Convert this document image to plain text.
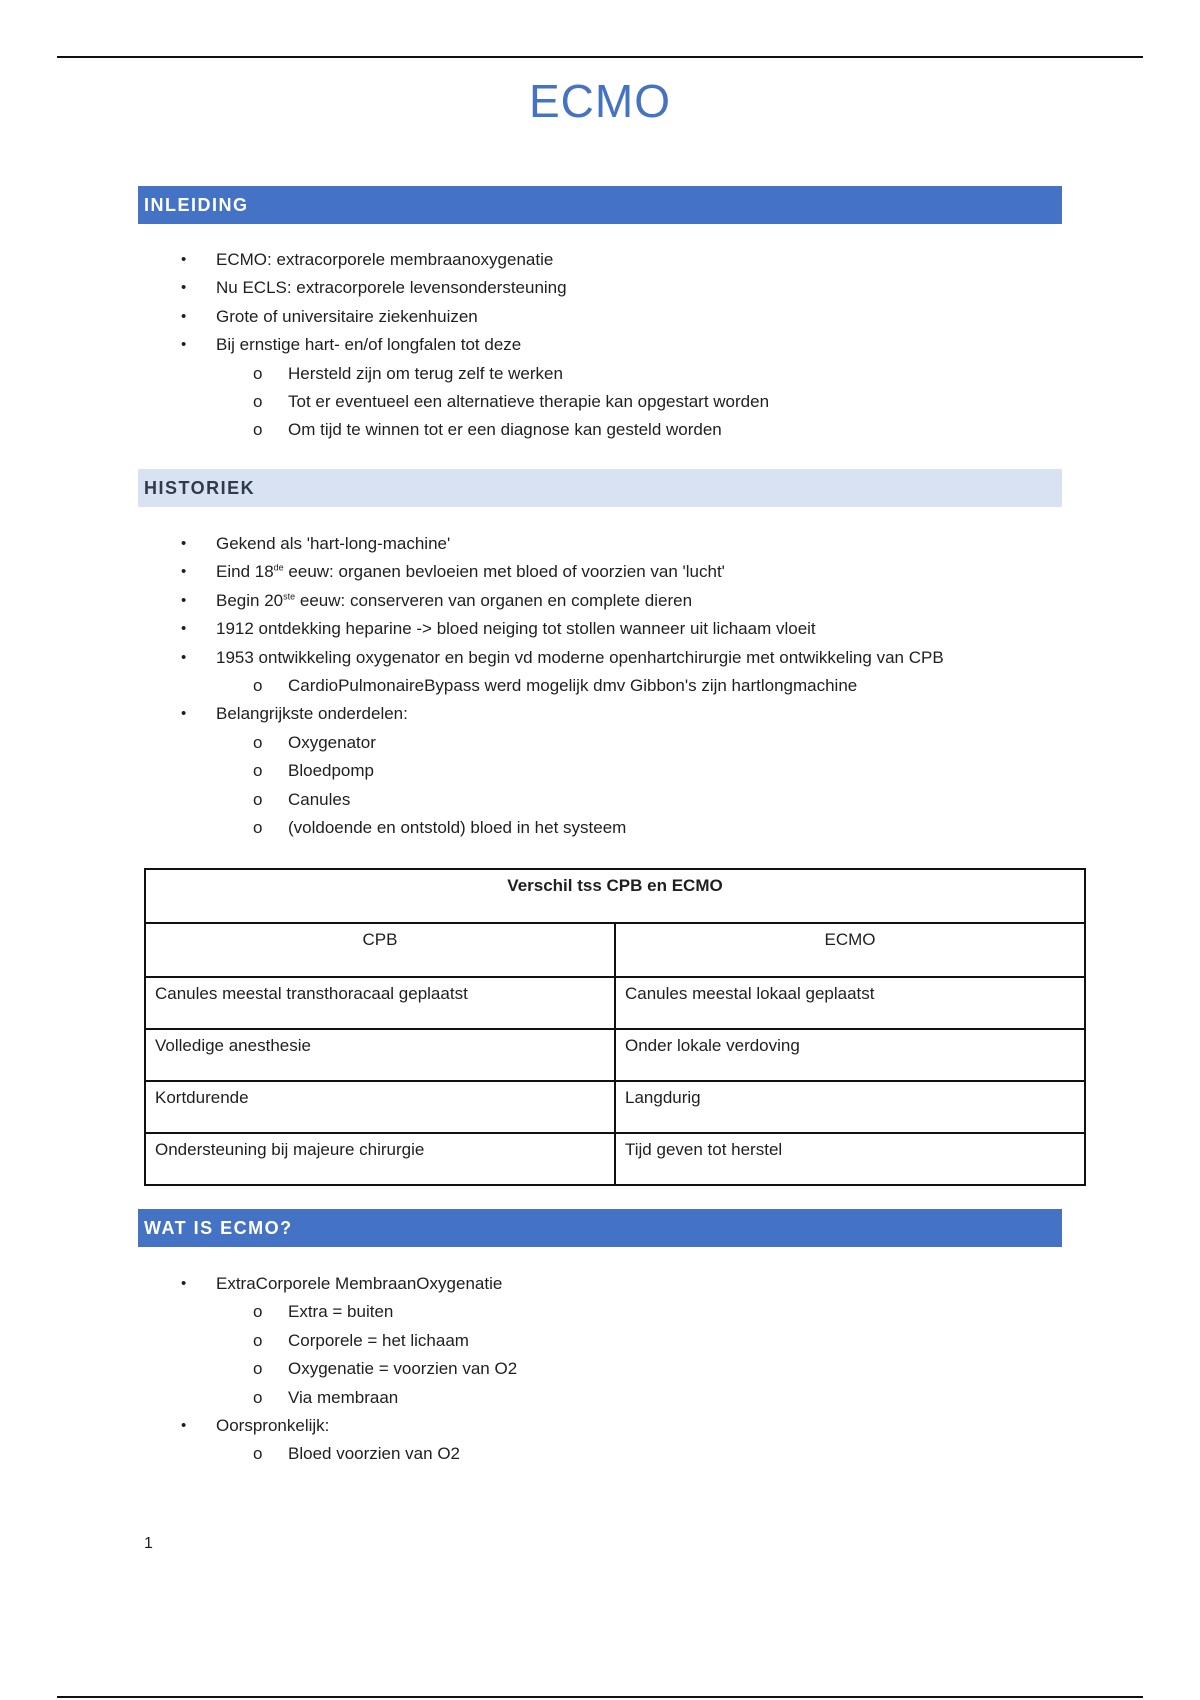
ECMO
INLEIDING
• ECMO: extracorporele membraanoxygenatie
• Nu ECLS: extracorporele levensondersteuning
• Grote of universitaire ziekenhuizen
• Bij ernstige hart- en/of longfalen tot deze
o Hersteld zijn om terug zelf te werken
o Tot er eventueel een alternatieve therapie kan opgestart worden
o Om tijd te winnen tot er een diagnose kan gesteld worden
HISTORIEK
• Gekend als 'hart-long-machine'
• Eind 18de eeuw: organen bevloeien met bloed of voorzien van 'lucht'
• Begin 20ste eeuw: conserveren van organen en complete dieren
• 1912 ontdekking heparine -> bloed neiging tot stollen wanneer uit lichaam vloeit
• 1953 ontwikkeling oxygenator en begin vd moderne openhartchirurgie met ontwikkeling van CPB
o CardioPulmonaireBypass werd mogelijk dmv Gibbon's zijn hartlongmachine
• Belangrijkste onderdelen:
o Oxygenator
o Bloedpomp
o Canules
o (voldoende en ontstold) bloed in het systeem
Verschil tss CPB en ECMO	
CPB	ECMO
Canules meestal transthoracaal geplaatst	Canules meestal lokaal geplaatst
Volledige anesthesie	Onder lokale verdoving
Kortdurende	Langdurig
Ondersteuning bij majeure chirurgie	Tijd geven tot herstel
WAT IS ECMO?
• ExtraCorporele MembraanOxygenatie
o Extra = buiten
o Corporele = het lichaam
o Oxygenatie = voorzien van O2
o Via membraan
• Oorspronkelijk:
o Bloed voorzien van O2
1
